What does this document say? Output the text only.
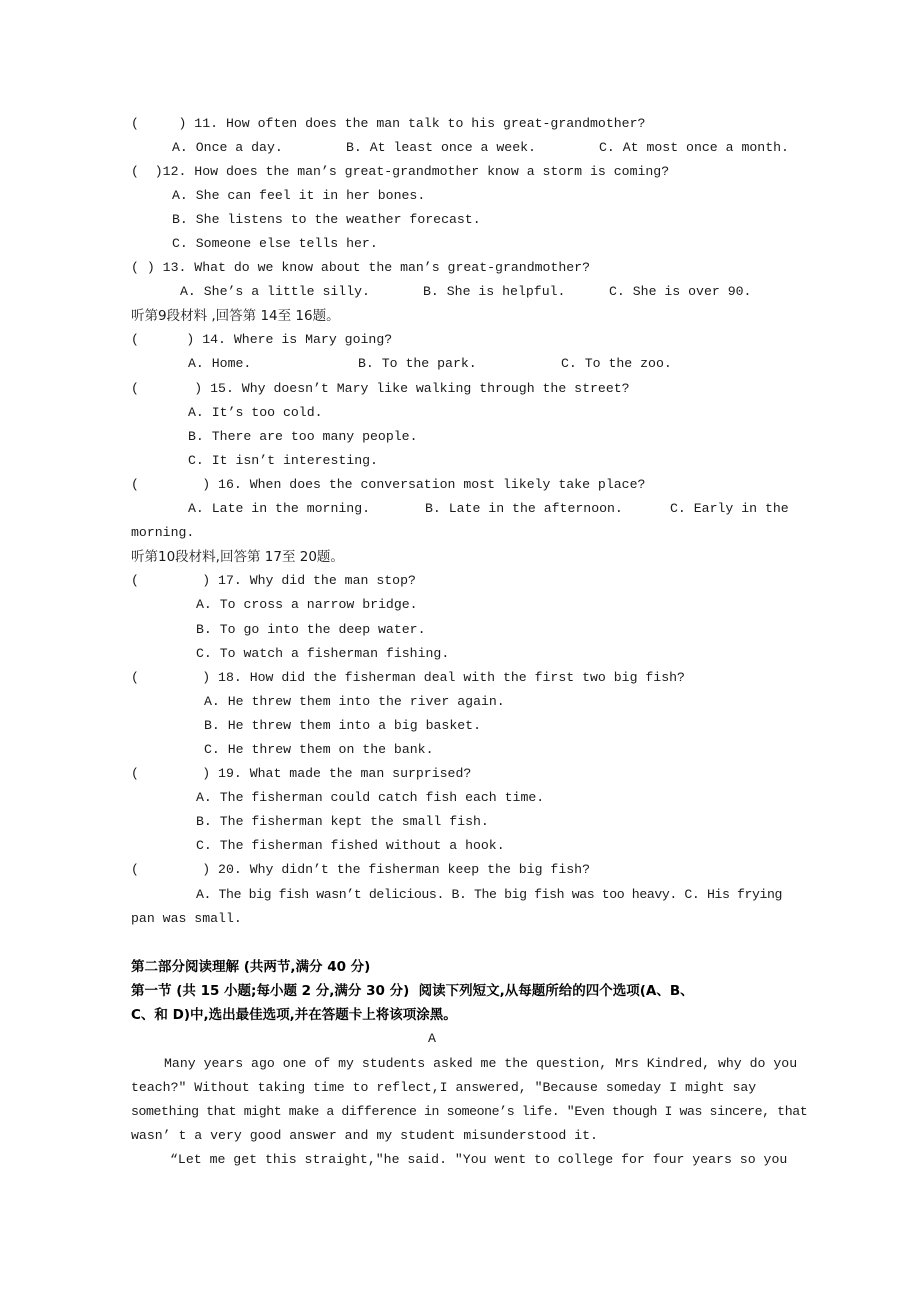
(     ) 11. How often does the man talk to his great-grandmother?
A. Once a day.	B. At least once a week.	C. At most once a month.
(  )12. How does the man’s great-grandmother know a storm is coming?
A. She can feel it in her bones.
B. She listens to the weather forecast.
C. Someone else tells her.
( ) 13. What do we know about the man’s great-grandmother?
A. She’s a little silly.	B. She is helpful.	C. She is over 90.
听第9段材料 ,回答第 14至 16题。
(      ) 14. Where is Mary going?
A. Home.	B. To the park.	C. To the zoo.
(       ) 15. Why doesn’t Mary like walking through the street?
A. It’s too cold.
B. There are too many people.
C. It isn’t interesting.
(        ) 16. When does the conversation most likely take place?
A. Late in the morning.	B. Late in the afternoon.	C. Early in the
morning.
听第10段材料,回答第 17至 20题。
(        ) 17. Why did the man stop?
A. To cross a narrow bridge.
B. To go into the deep water.
C. To watch a fisherman fishing.
(        ) 18. How did the fisherman deal with the first two big fish?
A. He threw them into the river again.
B. He threw them into a big basket.
C. He threw them on the bank.
(        ) 19. What made the man surprised?
A. The fisherman could catch fish each time.
B. The fisherman kept the small fish.
C. The fisherman fished without a hook.
(        ) 20. Why didn’t the fisherman keep the big fish?
A. The big fish wasn’t delicious. B. The big fish was too heavy. C. His frying
pan was small.
第二部分阅读理解 (共两节,满分 40 分)
第一节 (共 15 小题;每小题 2 分,满分 30 分)  阅读下列短文,从每题所给的四个选项(A、B、
C、和 D)中,选出最佳选项,并在答题卡上将该项涂黑。
A
Many years ago one of my students asked me the question, Mrs Kindred, why do you
teach?" Without taking time to reflect,I answered, "Because someday I might say
something that might make a difference in someone’s life. "Even though I was sincere, that
wasn’ t a very good answer and my student misunderstood it.
“Let me get this straight,"he said. "You went to college for four years so you
